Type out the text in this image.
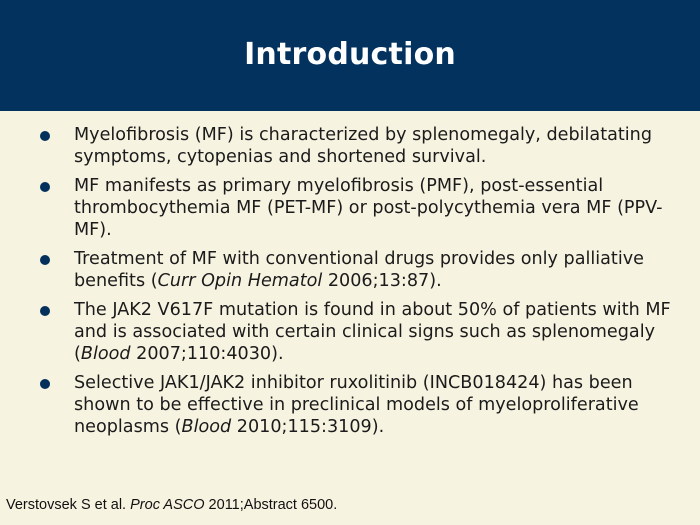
Introduction
Myelofibrosis (MF) is characterized by splenomegaly, debilatating symptoms, cytopenias and shortened survival.
MF manifests as primary myelofibrosis (PMF), post-essential thrombocythemia MF (PET-MF) or post-polycythemia vera MF (PPV-MF).
Treatment of MF with conventional drugs provides only palliative benefits (Curr Opin Hematol 2006;13:87).
The JAK2 V617F mutation is found in about 50% of patients with MF and is associated with certain clinical signs such as splenomegaly (Blood 2007;110:4030).
Selective JAK1/JAK2 inhibitor ruxolitinib (INCB018424) has been shown to be effective in preclinical models of myeloproliferative neoplasms (Blood 2010;115:3109).
Verstovsek S et al. Proc ASCO 2011;Abstract 6500.
